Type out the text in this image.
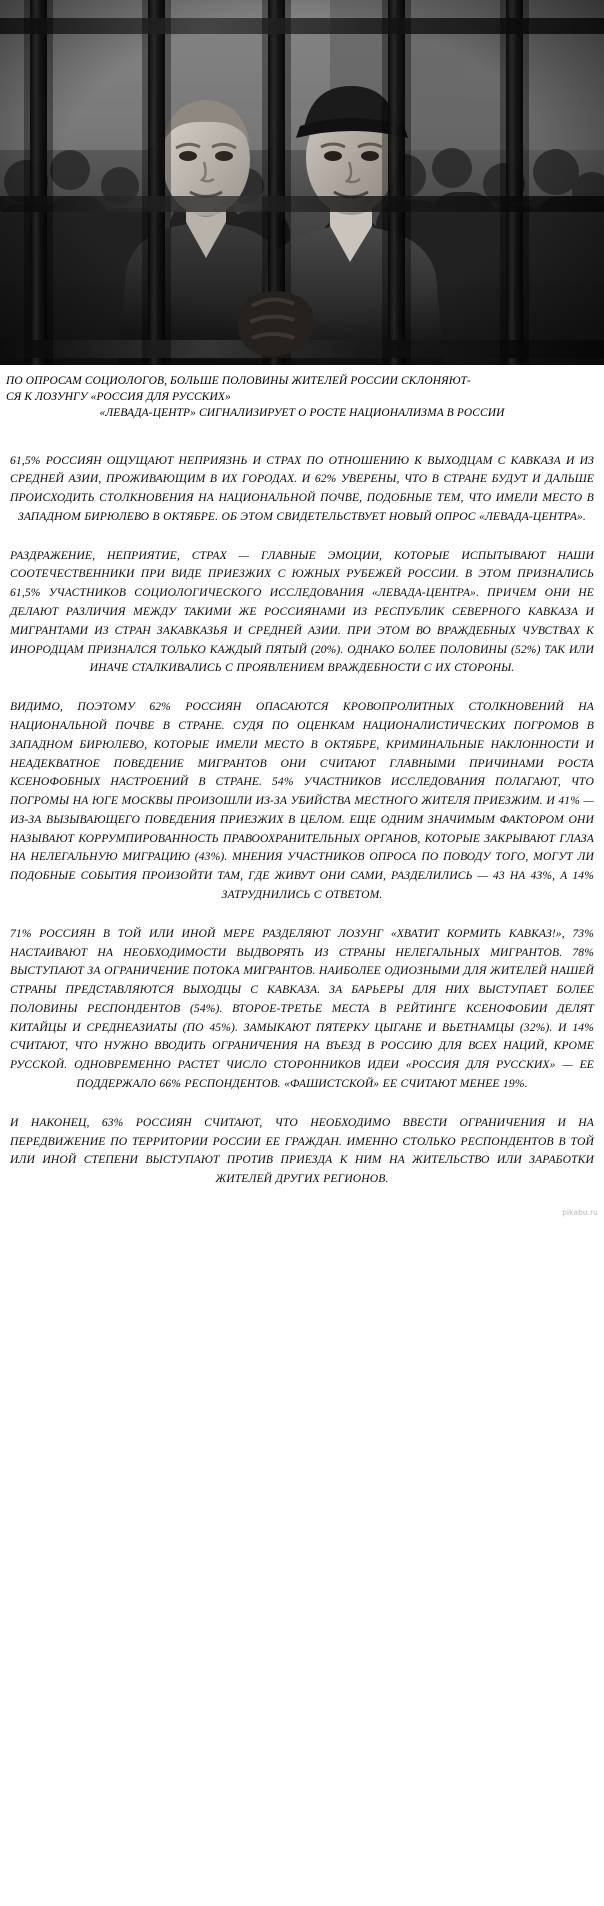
ПО ОПРОСАМ СОЦИОЛОГОВ, БОЛЬШЕ ПОЛОВИНЫ ЖИТЕЛЕЙ РОССИИ СКЛОНЯЮТ-
СЯ К ЛОЗУНГУ «РОССИЯ ДЛЯ РУССКИХ»
«ЛЕВАДА-ЦЕНТР» СИГНАЛИЗИРУЕТ О РОСТЕ НАЦИОНАЛИЗМА В РОССИИ

61,5% РОССИЯН ОЩУЩАЮТ НЕПРИЯЗНЬ И СТРАХ ПО ОТНОШЕНИЮ К ВЫХОДЦАМ С КАВКАЗА И ИЗ СРЕДНЕЙ АЗИИ, ПРОЖИВАЮЩИМ В ИХ ГОРОДАХ. И 62% УВЕРЕНЫ, ЧТО В СТРАНЕ БУДУТ И ДАЛЬШЕ ПРОИСХОДИТЬ СТОЛКНОВЕНИЯ НА НАЦИОНАЛЬНОЙ ПОЧВЕ, ПОДОБНЫЕ ТЕМ, ЧТО ИМЕЛИ МЕСТО В ЗАПАДНОМ БИРЮЛЕВО В ОКТЯБРЕ. ОБ ЭТОМ СВИДЕТЕЛЬСТВУЕТ НОВЫЙ ОПРОС «ЛЕВАДА-ЦЕНТРА».

РАЗДРАЖЕНИЕ, НЕПРИЯТИЕ, СТРАХ — ГЛАВНЫЕ ЭМОЦИИ, КОТОРЫЕ ИСПЫТЫВАЮТ НАШИ СООТЕЧЕСТВЕННИКИ ПРИ ВИДЕ ПРИЕЗЖИХ С ЮЖНЫХ РУБЕЖЕЙ РОССИИ. В ЭТОМ ПРИЗНАЛИСЬ 61,5% УЧАСТНИКОВ СОЦИОЛОГИЧЕСКОГО ИССЛЕДОВАНИЯ «ЛЕВАДА-ЦЕНТРА». ПРИЧЕМ ОНИ НЕ ДЕЛАЮТ РАЗЛИЧИЯ МЕЖДУ ТАКИМИ ЖЕ РОССИЯНАМИ ИЗ РЕСПУБЛИК СЕВЕРНОГО КАВКАЗА И МИГРАНТАМИ ИЗ СТРАН ЗАКАВКАЗЬЯ И СРЕДНЕЙ АЗИИ. ПРИ ЭТОМ ВО ВРАЖДЕБНЫХ ЧУВСТВАХ К ИНОРОДЦАМ ПРИЗНАЛСЯ ТОЛЬКО КАЖДЫЙ ПЯТЫЙ (20%). ОДНАКО БОЛЕЕ ПОЛОВИНЫ (52%) ТАК ИЛИ ИНАЧЕ СТАЛКИВАЛИСЬ С ПРОЯВЛЕНИЕМ ВРАЖДЕБНОСТИ С ИХ СТОРОНЫ.

ВИДИМО, ПОЭТОМУ 62% РОССИЯН ОПАСАЮТСЯ КРОВОПРОЛИТНЫХ СТОЛКНОВЕНИЙ НА НАЦИОНАЛЬНОЙ ПОЧВЕ В СТРАНЕ. СУДЯ ПО ОЦЕНКАМ НАЦИОНАЛИСТИЧЕСКИХ ПОГРОМОВ В ЗАПАДНОМ БИРЮЛЕВО, КОТОРЫЕ ИМЕЛИ МЕСТО В ОКТЯБРЕ, КРИМИНАЛЬНЫЕ НАКЛОННОСТИ И НЕАДЕКВАТНОЕ ПОВЕДЕНИЕ МИГРАНТОВ ОНИ СЧИТАЮТ ГЛАВНЫМИ ПРИЧИНАМИ РОСТА КСЕНОФОБНЫХ НАСТРОЕНИЙ В СТРАНЕ. 54% УЧАСТНИКОВ ИССЛЕДОВАНИЯ ПОЛАГАЮТ, ЧТО ПОГРОМЫ НА ЮГЕ МОСКВЫ ПРОИЗОШЛИ ИЗ-ЗА УБИЙСТВА МЕСТНОГО ЖИТЕЛЯ ПРИЕЗЖИМ. И 41% — ИЗ-ЗА ВЫЗЫВАЮЩЕГО ПОВЕДЕНИЯ ПРИЕЗЖИХ В ЦЕЛОМ. ЕЩЕ ОДНИМ ЗНАЧИМЫМ ФАКТОРОМ ОНИ НАЗЫВАЮТ КОРРУМПИРОВАННОСТЬ ПРАВООХРАНИТЕЛЬНЫХ ОРГАНОВ, КОТОРЫЕ ЗАКРЫВАЮТ ГЛАЗА НА НЕЛЕГАЛЬНУЮ МИГРАЦИЮ (43%). МНЕНИЯ УЧАСТНИКОВ ОПРОСА ПО ПОВОДУ ТОГО, МОГУТ ЛИ ПОДОБНЫЕ СОБЫТИЯ ПРОИЗОЙТИ ТАМ, ГДЕ ЖИВУТ ОНИ САМИ, РАЗДЕЛИЛИСЬ — 43 НА 43%, А 14% ЗАТРУДНИЛИСЬ С ОТВЕТОМ.

71% РОССИЯН В ТОЙ ИЛИ ИНОЙ МЕРЕ РАЗДЕЛЯЮТ ЛОЗУНГ «ХВАТИТ КОРМИТЬ КАВКАЗ!», 73% НАСТАИВАЮТ НА НЕОБХОДИМОСТИ ВЫДВОРЯТЬ ИЗ СТРАНЫ НЕЛЕГАЛЬНЫХ МИГРАНТОВ. 78% ВЫСТУПАЮТ ЗА ОГРАНИЧЕНИЕ ПОТОКА МИГРАНТОВ. НАИБОЛЕЕ ОДИОЗНЫМИ ДЛЯ ЖИТЕЛЕЙ НАШЕЙ СТРАНЫ ПРЕДСТАВЛЯЮТСЯ ВЫХОДЦЫ С КАВКАЗА. ЗА БАРЬЕРЫ ДЛЯ НИХ ВЫСТУПАЕТ БОЛЕЕ ПОЛОВИНЫ РЕСПОНДЕНТОВ (54%). ВТОРОЕ-ТРЕТЬЕ МЕСТА В РЕЙТИНГЕ КСЕНОФОБИИ ДЕЛЯТ КИТАЙЦЫ И СРЕДНЕАЗИАТЫ (ПО 45%). ЗАМЫКАЮТ ПЯТЕРКУ ЦЫГАНЕ И ВЬЕТНАМЦЫ (32%). И 14% СЧИТАЮТ, ЧТО НУЖНО ВВОДИТЬ ОГРАНИЧЕНИЯ НА ВЪЕЗД В РОССИЮ ДЛЯ ВСЕХ НАЦИЙ, КРОМЕ РУССКОЙ. ОДНОВРЕМЕННО РАСТЕТ ЧИСЛО СТОРОННИКОВ ИДЕИ «РОССИЯ ДЛЯ РУССКИХ» — ЕЕ ПОДДЕРЖАЛО 66% РЕСПОНДЕНТОВ. «ФАШИСТСКОЙ» ЕЕ СЧИТАЮТ МЕНЕЕ 19%.

И НАКОНЕЦ, 63% РОССИЯН СЧИТАЮТ, ЧТО НЕОБХОДИМО ВВЕСТИ ОГРАНИЧЕНИЯ И НА ПЕРЕДВИЖЕНИЕ ПО ТЕРРИТОРИИ РОССИИ ЕЕ ГРАЖДАН. ИМЕННО СТОЛЬКО РЕСПОНДЕНТОВ В ТОЙ ИЛИ ИНОЙ СТЕПЕНИ ВЫСТУПАЮТ ПРОТИВ ПРИЕЗДА К НИМ НА ЖИТЕЛЬСТВО ИЛИ ЗАРАБОТКИ ЖИТЕЛЕЙ ДРУГИХ РЕГИОНОВ.

pikabu.ru
